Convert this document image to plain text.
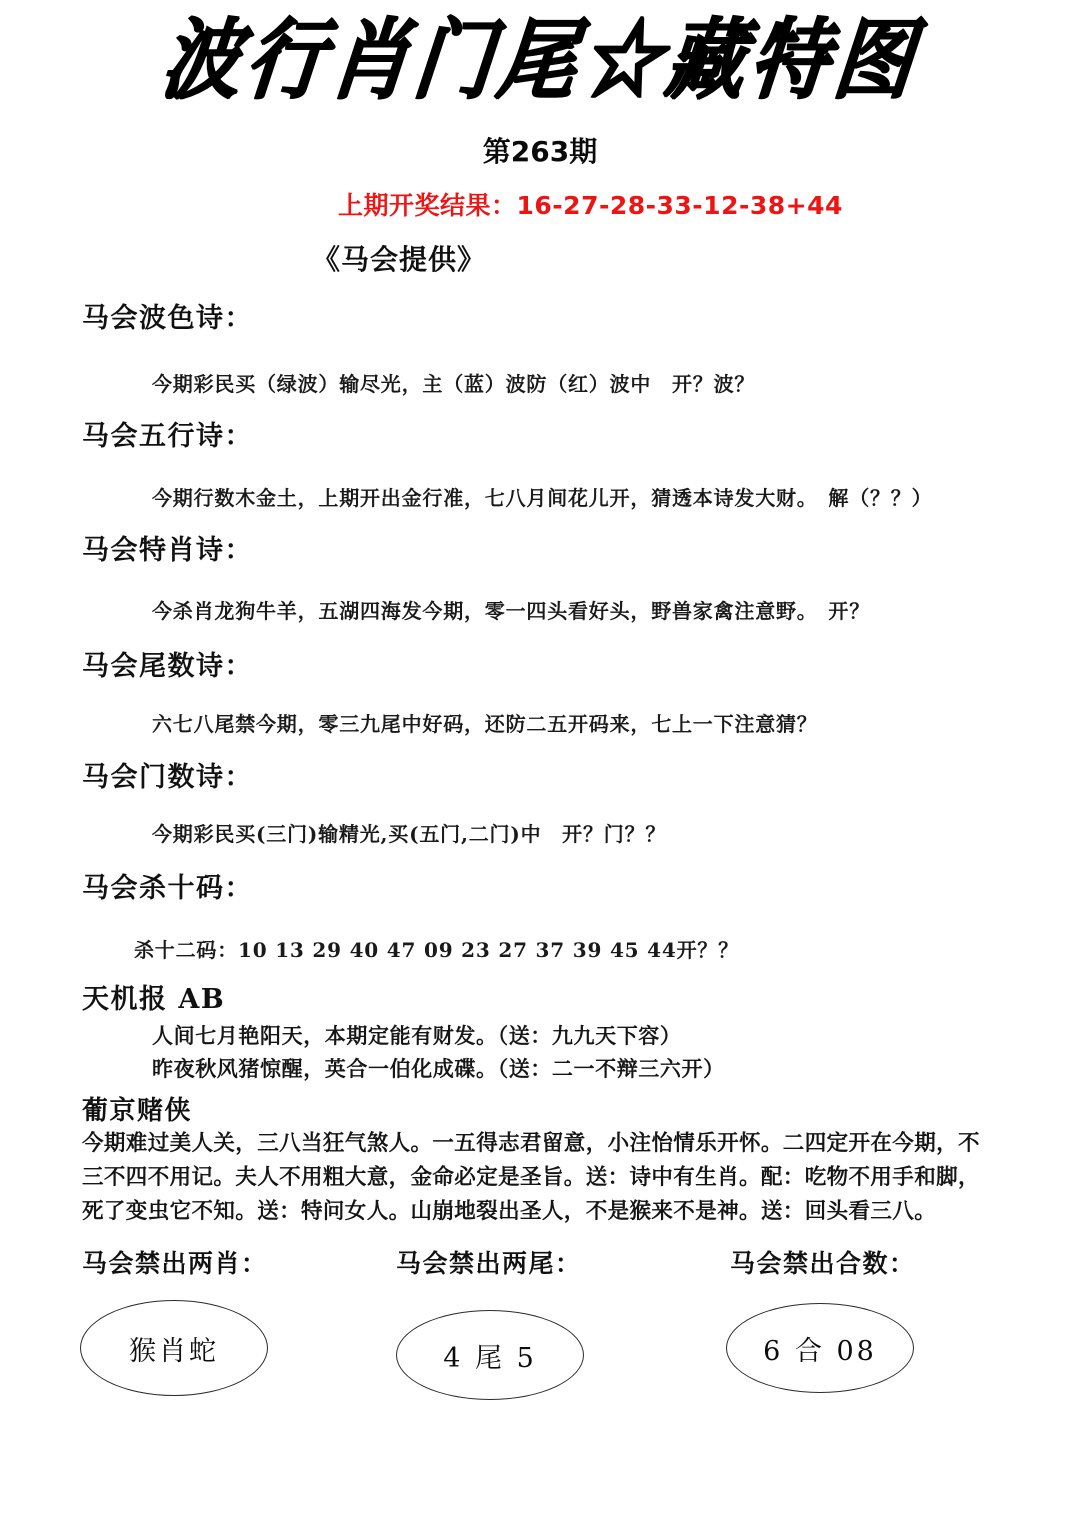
波行肖门尾☆藏特图
第263期
上期开奖结果：16-27-28-33-12-38+44
《马会提供》
马会波色诗：
今期彩民买（绿波）输尽光，主（蓝）波防（红）波中　开？波？
马会五行诗：
今期行数木金土，上期开出金行准，七八月间花儿开，猜透本诗发大财。　解（？？）
马会特肖诗：
今杀肖龙狗牛羊，五湖四海发今期，零一四头看好头，野兽家禽注意野。　开？
马会尾数诗：
六七八尾禁今期，零三九尾中好码，还防二五开码来，七上一下注意猜？
马会门数诗：
今期彩民买(三门)输精光,买(五门,二门)中　开？门？？
马会杀十码：
杀十二码：10 13 29 40 47 09 23 27 37 39 45 44开？？
天机报 AB
人间七月艳阳天，本期定能有财发。（送：九九天下容）
昨夜秋风猪惊醒，英合一伯化成碟。（送：二一不辩三六开）
葡京赌侠
今期难过美人关，三八当狂气煞人。一五得志君留意，小注怡情乐开怀。二四定开在今期，不三不四不用记。夫人不用粗大意，金命必定是圣旨。送：诗中有生肖。配：吃物不用手和脚，死了变虫它不知。送：特问女人。山崩地裂出圣人，不是猴来不是神。送：回头看三八。
马会禁出两肖：	马会禁出两尾：	马会禁出合数：
猴肖蛇	4 尾 5	6 合 08
